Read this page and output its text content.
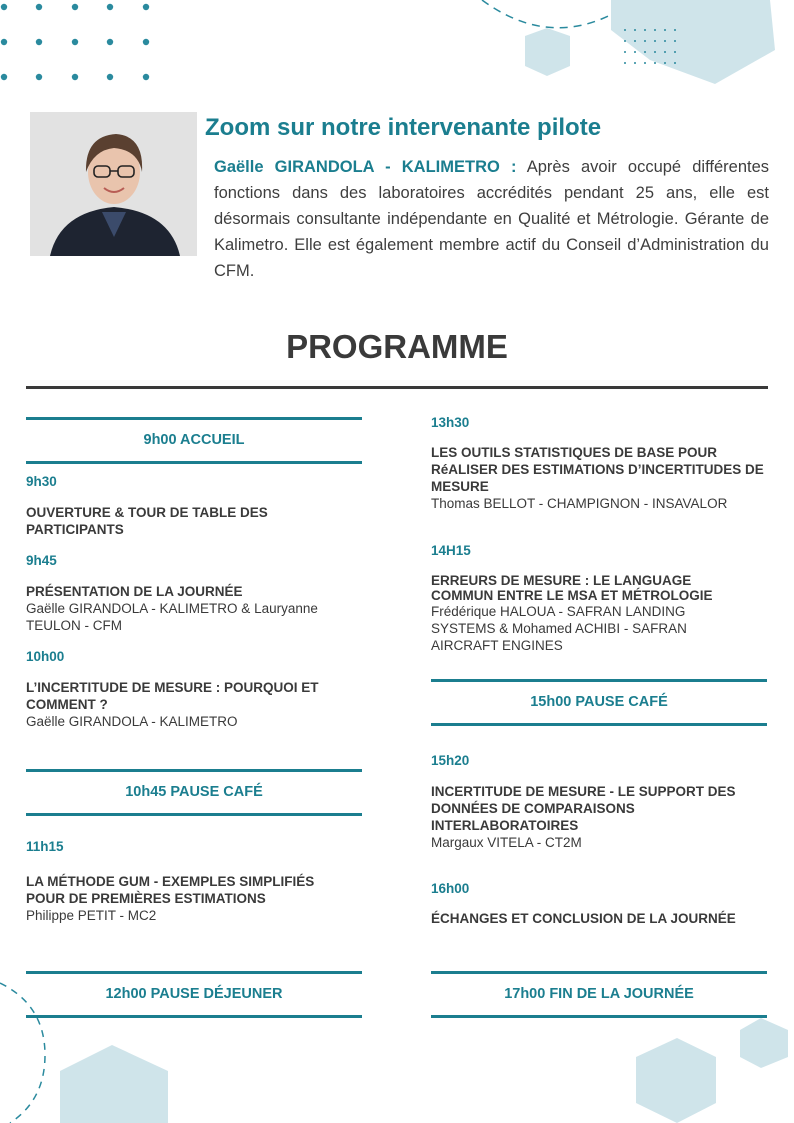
Zoom sur notre intervenante pilote
Gaëlle GIRANDOLA - KALIMETRO : Après avoir occupé différentes fonctions dans des laboratoires accrédités pendant 25 ans, elle est désormais consultante indépendante en Qualité et Métrologie. Gérante de Kalimetro. Elle est également membre actif du Conseil d’Administration du CFM.
PROGRAMME
9h00 ACCUEIL
9h30
OUVERTURE & TOUR DE TABLE DES PARTICIPANTS
9h45
PRÉSENTATION DE LA JOURNÉE
Gaëlle GIRANDOLA - KALIMETRO & Lauryanne TEULON - CFM
10h00
L’INCERTITUDE DE MESURE : POURQUOI ET COMMENT ?
Gaëlle GIRANDOLA - KALIMETRO
10h45 PAUSE CAFÉ
11h15
LA MÉTHODE GUM - EXEMPLES SIMPLIFIÉS POUR DE PREMIÈRES ESTIMATIONS
Philippe PETIT - MC2
12h00 PAUSE DÉJEUNER
13h30
LES OUTILS STATISTIQUES DE BASE POUR RéALISER DES ESTIMATIONS D’INCERTITUDES DE MESURE
Thomas BELLOT - CHAMPIGNON - INSAVALOR
14H15
ERREURS DE MESURE : LE LANGUAGE COMMUN ENTRE LE MSA ET MÉTROLOGIE
Frédérique HALOUA - SAFRAN LANDING SYSTEMS & Mohamed ACHIBI - SAFRAN AIRCRAFT ENGINES
15h00 PAUSE CAFÉ
15h20
INCERTITUDE DE MESURE - LE SUPPORT DES DONNÉES DE COMPARAISONS INTERLABORATOIRES
Margaux VITELA - CT2M
16h00
ÉCHANGES ET CONCLUSION DE LA JOURNÉE
17h00 FIN DE LA JOURNÉE
